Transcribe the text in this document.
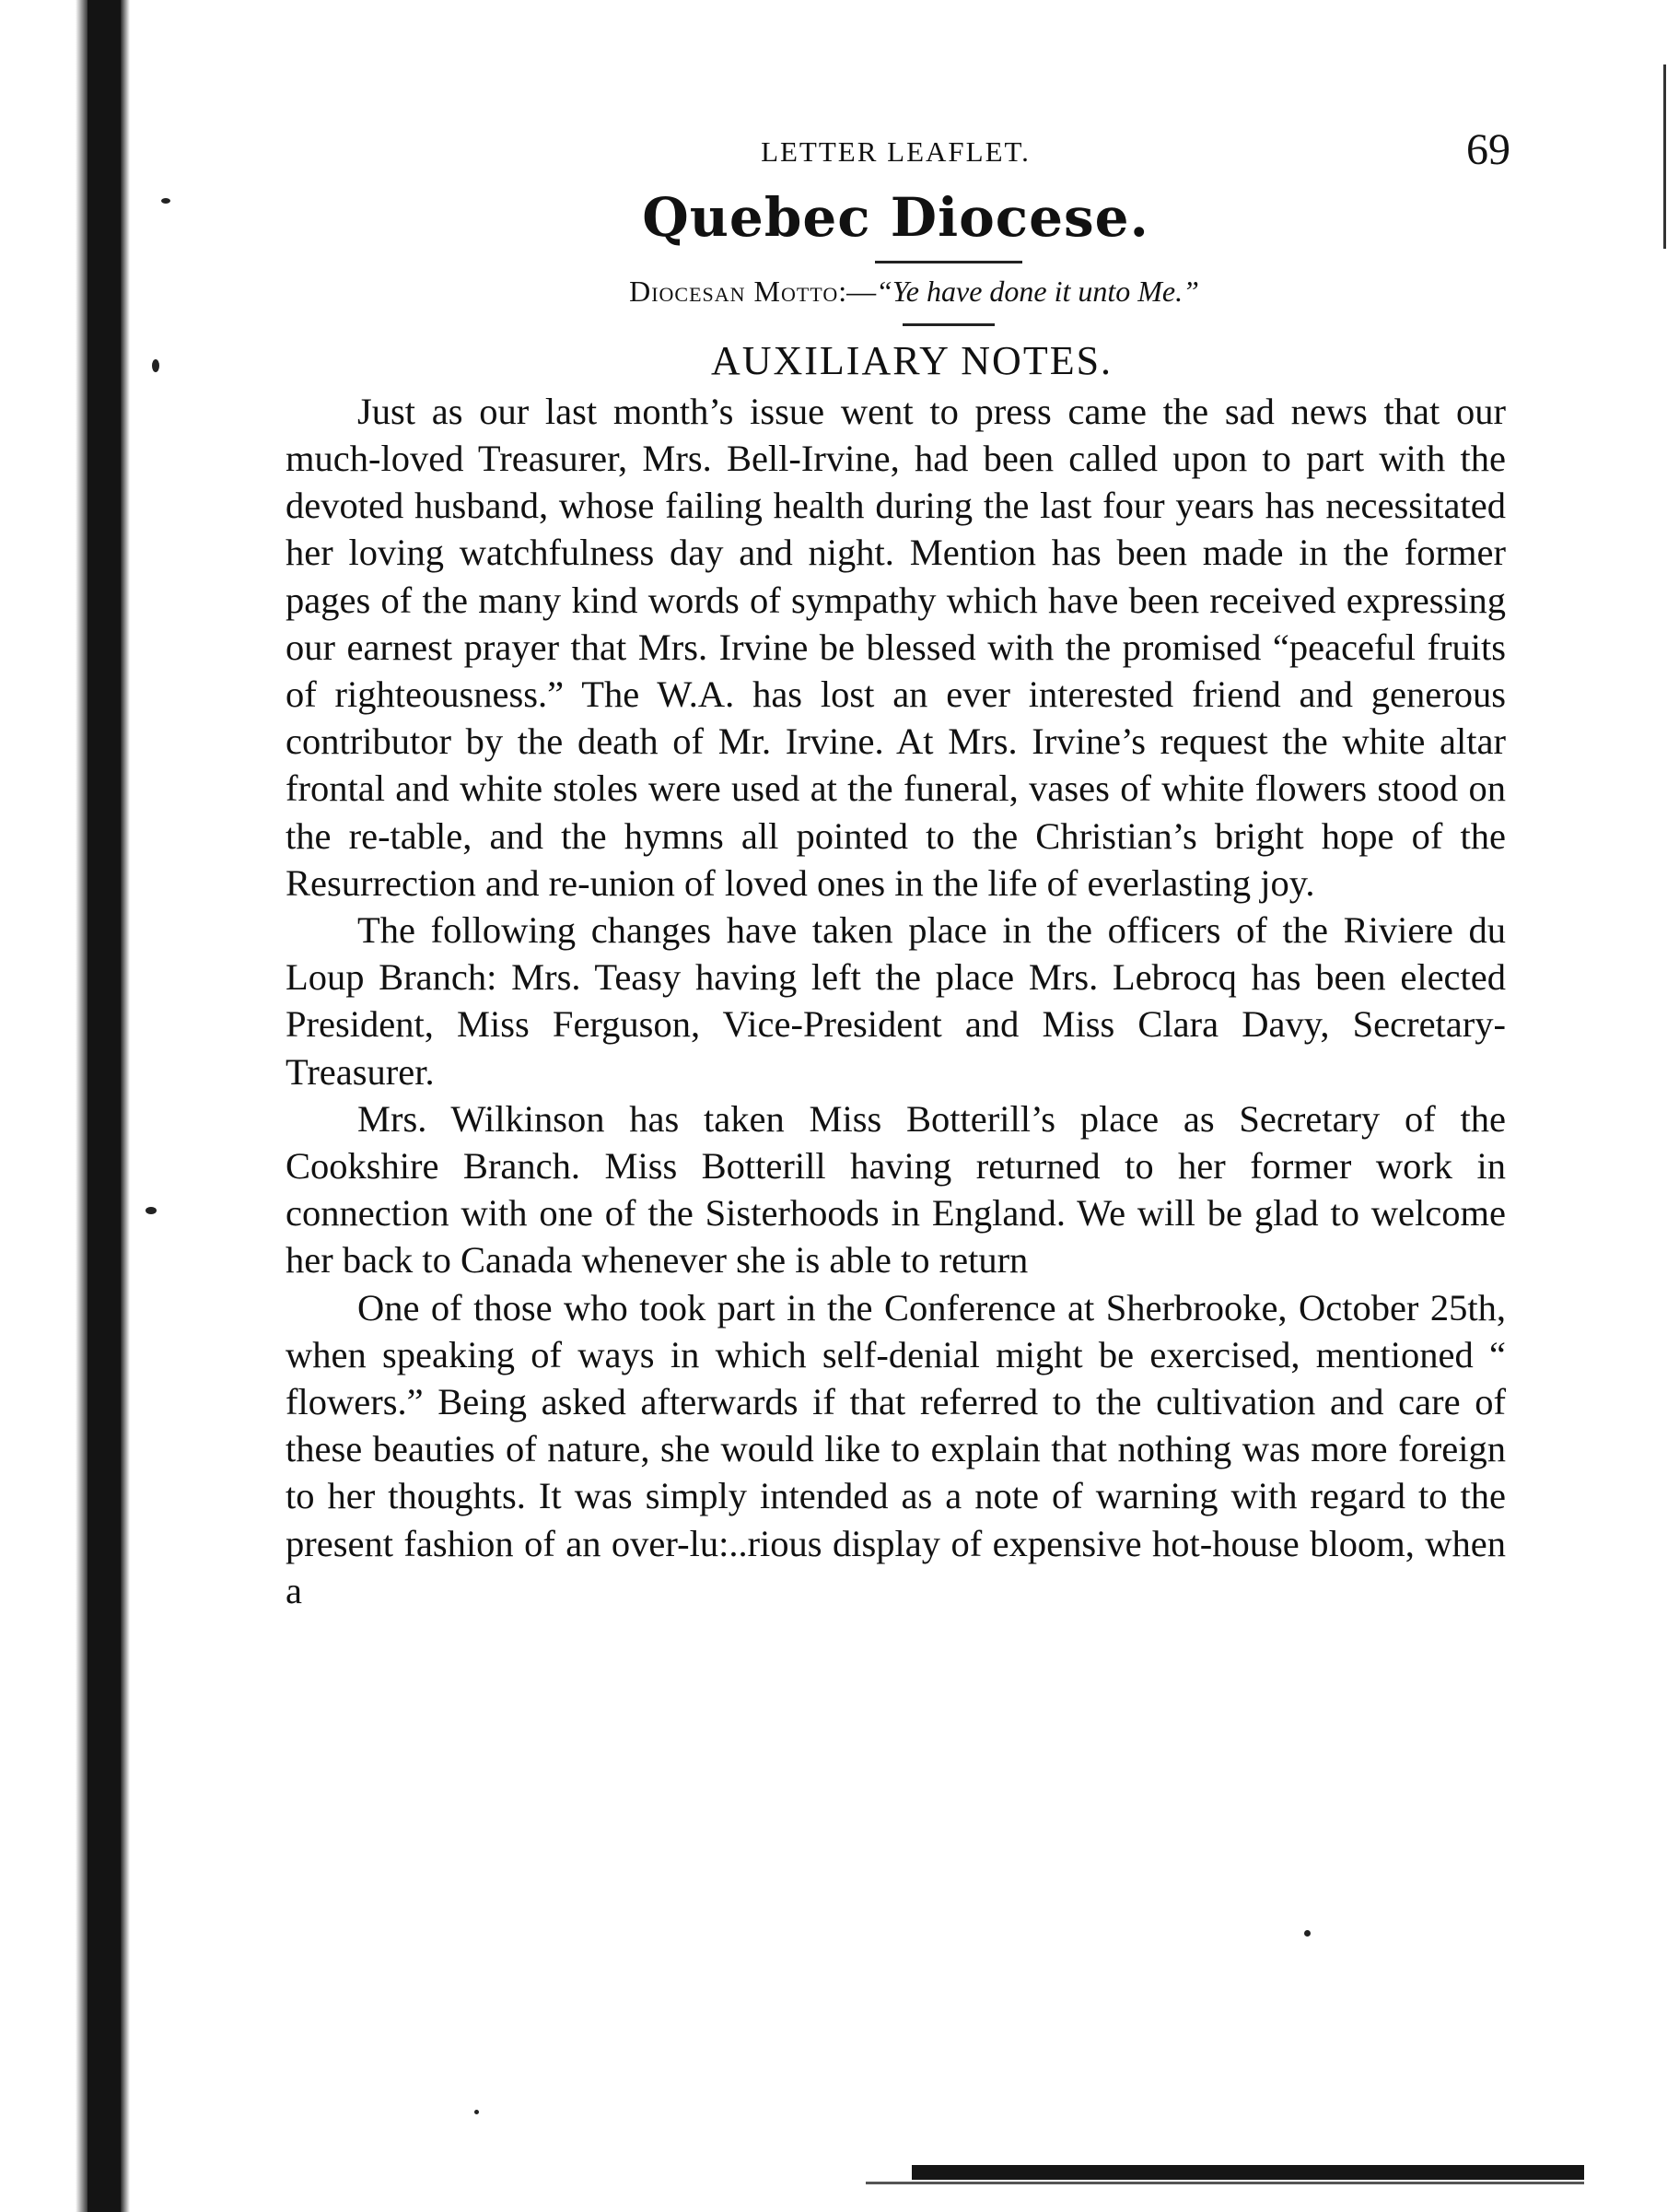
LETTER LEAFLET.	69
Quebec Diocese.
Diocesan Motto:—“Ye have done it unto Me.”
AUXILIARY NOTES.

Just as our last month’s issue went to press came the sad news that our much-loved Treasurer, Mrs. Bell-Irvine, had been called upon to part with the devoted husband, whose failing health during the last four years has necessitated her loving watchfulness day and night. Mention has been made in the former pages of the many kind words of sympathy which have been received expressing our earnest prayer that Mrs. Irvine be blessed with the promised “peaceful fruits of righteousness.” The W.A. has lost an ever interested friend and generous contributor by the death of Mr. Irvine. At Mrs. Irvine’s request the white altar frontal and white stoles were used at the funeral, vases of white flowers stood on the re-table, and the hymns all pointed to the Christian’s bright hope of the Resurrection and re-union of loved ones in the life of everlasting joy.

The following changes have taken place in the officers of the Riviere du Loup Branch: Mrs. Teasy having left the place Mrs. Lebrocq has been elected President, Miss Ferguson, Vice-President and Miss Clara Davy, Secretary-Treasurer.

Mrs. Wilkinson has taken Miss Botterill’s place as Secretary of the Cookshire Branch. Miss Botterill having returned to her former work in connection with one of the Sisterhoods in England. We will be glad to welcome her back to Canada whenever she is able to return

One of those who took part in the Conference at Sherbrooke, October 25th, when speaking of ways in which self-denial might be exercised, mentioned “ flowers.” Being asked afterwards if that referred to the cultivation and care of these beauties of nature, she would like to explain that nothing was more foreign to her thoughts. It was simply intended as a note of warning with regard to the present fashion of an over-lu:..rious display of expensive hot-house bloom, when a
